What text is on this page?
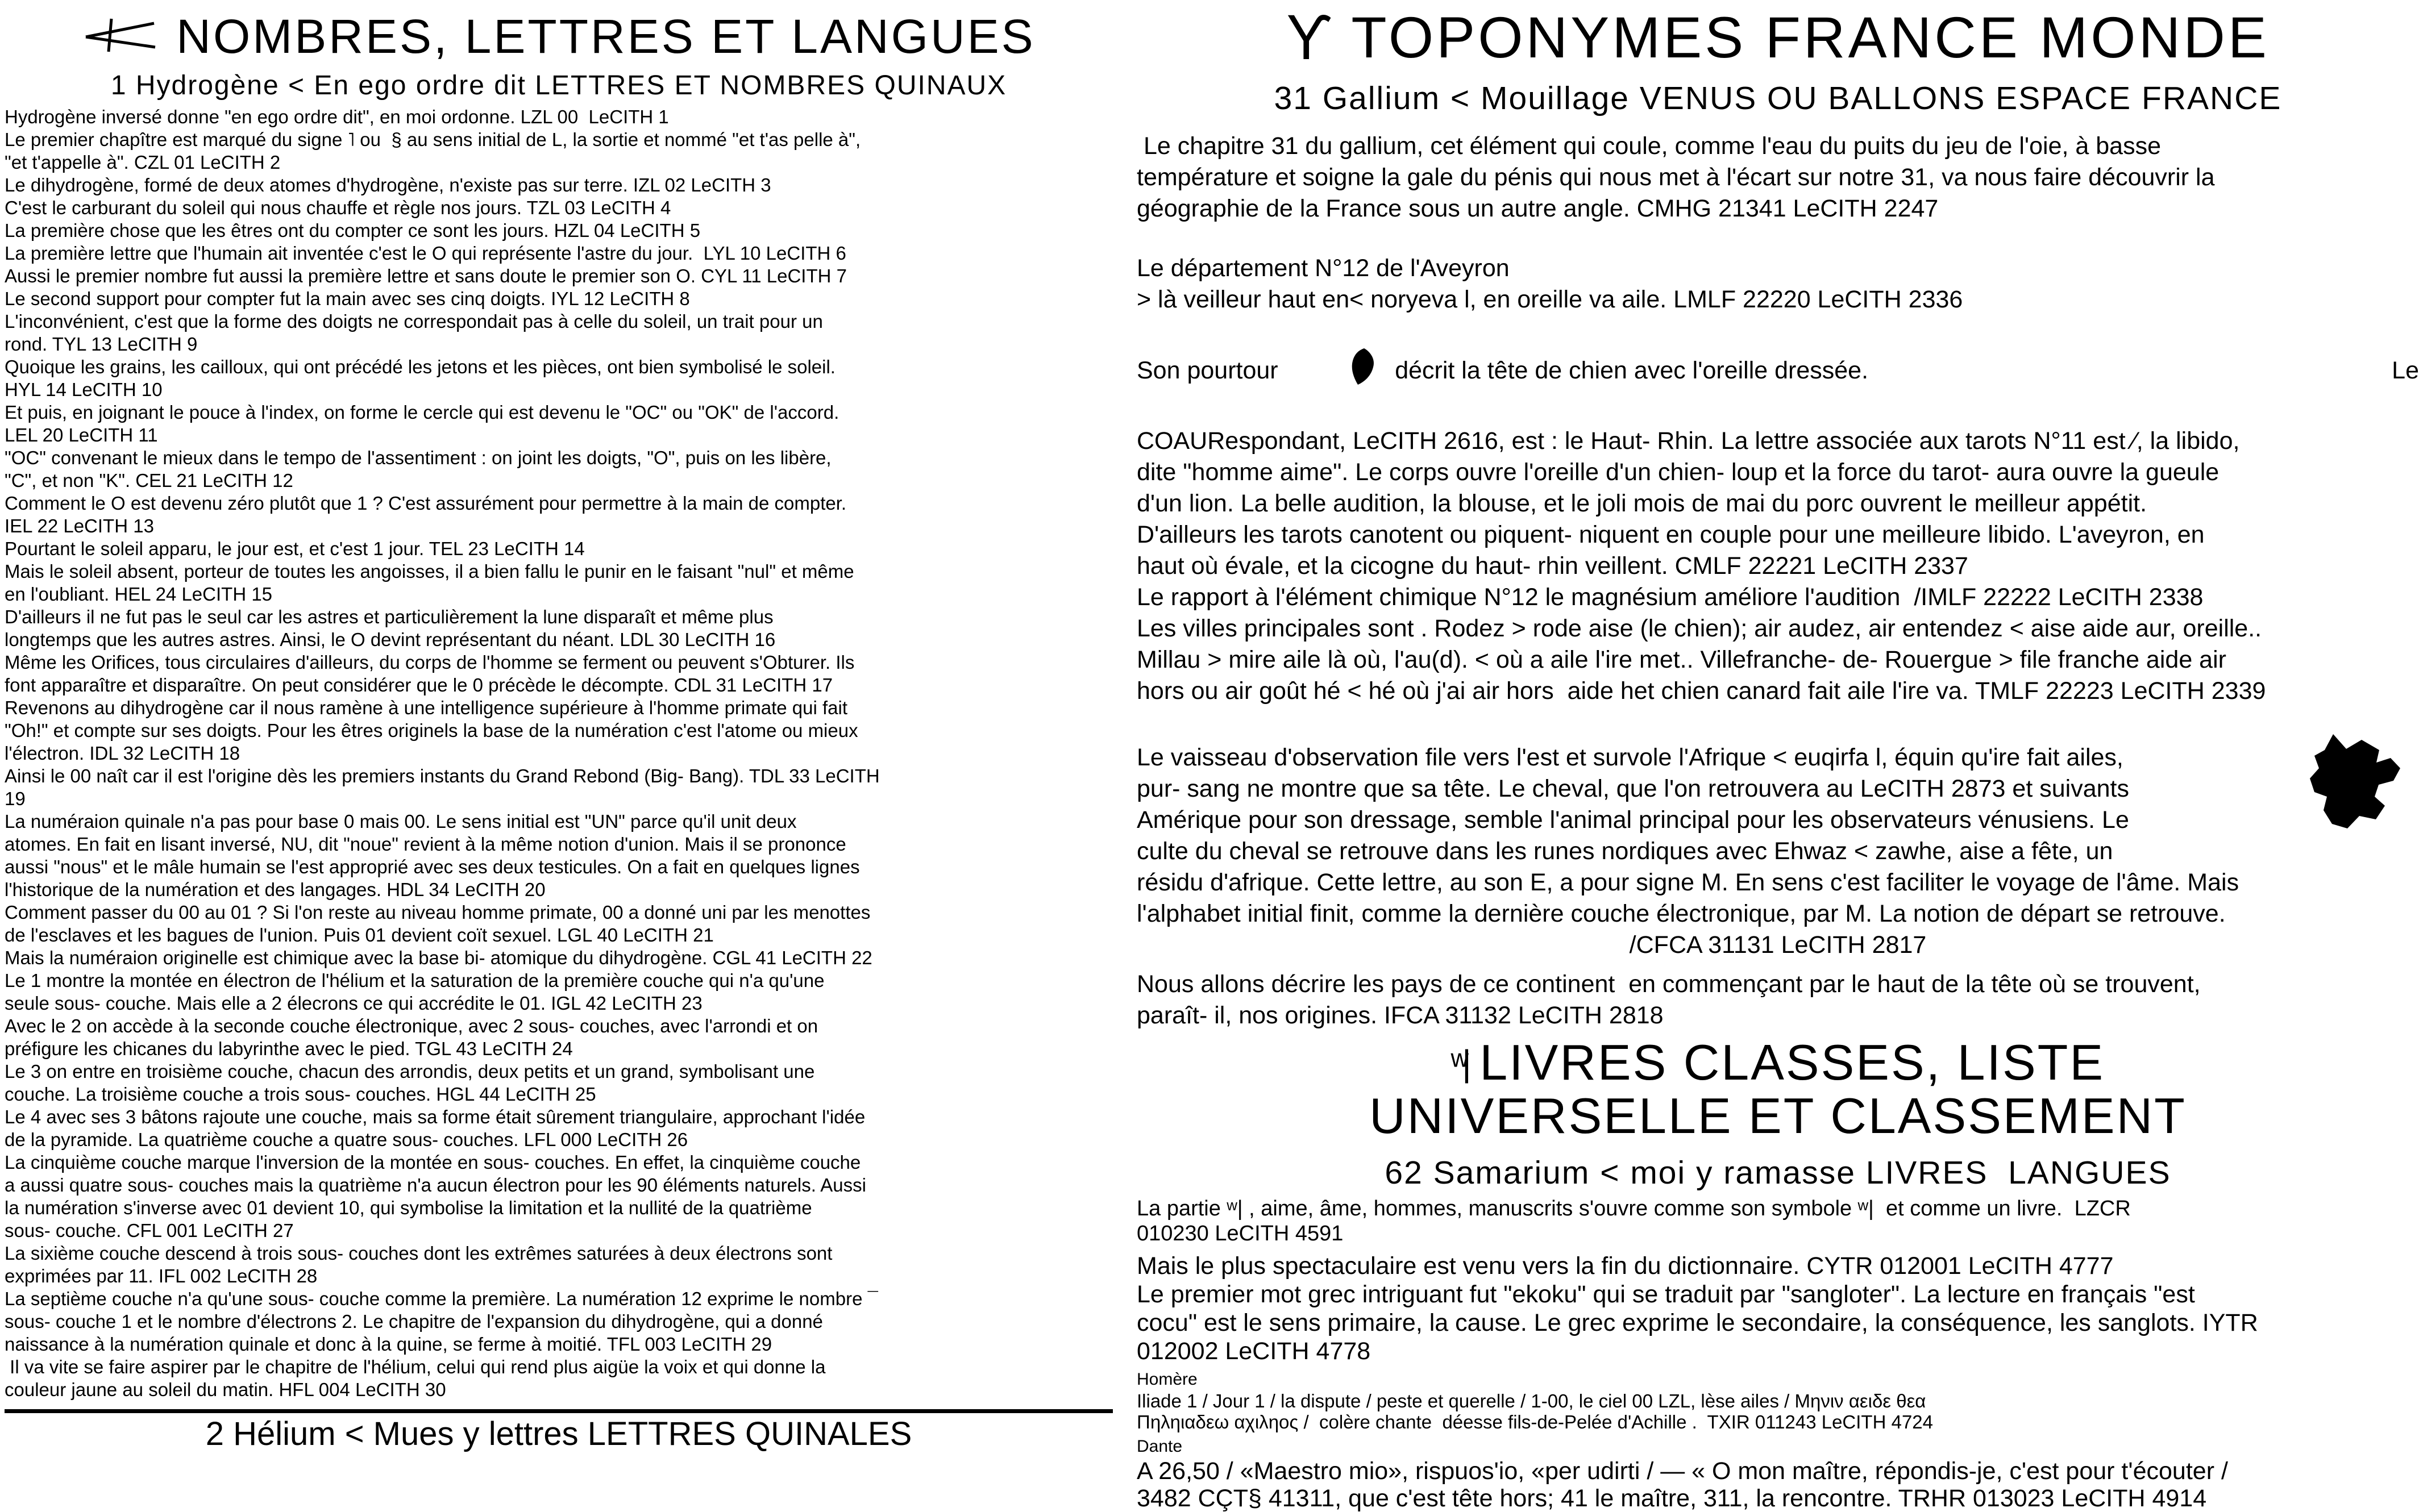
NOMBRES, LETTRES ET LANGUES
1 Hydrogène < En ego ordre dit LETTRES ET NOMBRES QUINAUX
Hydrogène inversé donne "en ego ordre dit", en moi ordonne. LZL 00  LeCITH 1
Le premier chapître est marqué du signe ˥ ou  § au sens initial de L, la sortie et nommé "et t'as pelle à",
"et t'appelle à". CZL 01 LeCITH 2
Le dihydrogène, formé de deux atomes d'hydrogène, n'existe pas sur terre. IZL 02 LeCITH 3
C'est le carburant du soleil qui nous chauffe et règle nos jours. TZL 03 LeCITH 4
La première chose que les êtres ont du compter ce sont les jours. HZL 04 LeCITH 5
La première lettre que l'humain ait inventée c'est le O qui représente l'astre du jour.  LYL 10 LeCITH 6
Aussi le premier nombre fut aussi la première lettre et sans doute le premier son O. CYL 11 LeCITH 7
Le second support pour compter fut la main avec ses cinq doigts. IYL 12 LeCITH 8
L'inconvénient, c'est que la forme des doigts ne correspondait pas à celle du soleil, un trait pour un
rond. TYL 13 LeCITH 9
Quoique les grains, les cailloux, qui ont précédé les jetons et les pièces, ont bien symbolisé le soleil.
HYL 14 LeCITH 10
Et puis, en joignant le pouce à l'index, on forme le cercle qui est devenu le "OC" ou "OK" de l'accord.
LEL 20 LeCITH 11
"OC" convenant le mieux dans le tempo de l'assentiment : on joint les doigts, "O", puis on les libère,
"C", et non "K". CEL 21 LeCITH 12
Comment le O est devenu zéro plutôt que 1 ? C'est assurément pour permettre à la main de compter.
IEL 22 LeCITH 13
Pourtant le soleil apparu, le jour est, et c'est 1 jour. TEL 23 LeCITH 14
Mais le soleil absent, porteur de toutes les angoisses, il a bien fallu le punir en le faisant "nul" et même
en l'oubliant. HEL 24 LeCITH 15
D'ailleurs il ne fut pas le seul car les astres et particulièrement la lune disparaît et même plus
longtemps que les autres astres. Ainsi, le O devint représentant du néant. LDL 30 LeCITH 16
Même les Orifices, tous circulaires d'ailleurs, du corps de l'homme se ferment ou peuvent s'Obturer. Ils
font apparaître et disparaître. On peut considérer que le 0 précède le décompte. CDL 31 LeCITH 17
Revenons au dihydrogène car il nous ramène à une intelligence supérieure à l'homme primate qui fait
"Oh!" et compte sur ses doigts. Pour les êtres originels la base de la numération c'est l'atome ou mieux
l'électron. IDL 32 LeCITH 18
Ainsi le 00 naît car il est l'origine dès les premiers instants du Grand Rebond (Big- Bang). TDL 33 LeCITH
19
La numéraion quinale n'a pas pour base 0 mais 00. Le sens initial est "UN" parce qu'il unit deux
atomes. En fait en lisant inversé, NU, dit "noue" revient à la même notion d'union. Mais il se prononce
aussi "nous" et le mâle humain se l'est approprié avec ses deux testicules. On a fait en quelques lignes
l'historique de la numération et des langages. HDL 34 LeCITH 20
Comment passer du 00 au 01 ? Si l'on reste au niveau homme primate, 00 a donné uni par les menottes
de l'esclaves et les bagues de l'union. Puis 01 devient coït sexuel. LGL 40 LeCITH 21
Mais la numéraion originelle est chimique avec la base bi- atomique du dihydrogène. CGL 41 LeCITH 22
Le 1 montre la montée en électron de l'hélium et la saturation de la première couche qui n'a qu'une
seule sous- couche. Mais elle a 2 élecrons ce qui accrédite le 01. IGL 42 LeCITH 23
Avec le 2 on accède à la seconde couche électronique, avec 2 sous- couches, avec l'arrondi et on
préfigure les chicanes du labyrinthe avec le pied. TGL 43 LeCITH 24
Le 3 on entre en troisième couche, chacun des arrondis, deux petits et un grand, symbolisant une
couche. La troisième couche a trois sous- couches. HGL 44 LeCITH 25
Le 4 avec ses 3 bâtons rajoute une couche, mais sa forme était sûrement triangulaire, approchant l'idée
de la pyramide. La quatrième couche a quatre sous- couches. LFL 000 LeCITH 26
La cinquième couche marque l'inversion de la montée en sous- couches. En effet, la cinquième couche
a aussi quatre sous- couches mais la quatrième n'a aucun électron pour les 90 éléments naturels. Aussi
la numération s'inverse avec 01 devient 10, qui symbolise la limitation et la nullité de la quatrième
sous- couche. CFL 001 LeCITH 27
La sixième couche descend à trois sous- couches dont les extrêmes saturées à deux électrons sont
exprimées par 11. IFL 002 LeCITH 28
La septième couche n'a qu'une sous- couche comme la première. La numération 12 exprime le nombre ¯
sous- couche 1 et le nombre d'électrons 2. Le chapitre de l'expansion du dihydrogène, qui a donné
naissance à la numération quinale et donc à la quine, se ferme à moitié. TFL 003 LeCITH 29
Il va vite se faire aspirer par le chapitre de l'hélium, celui qui rend plus aigüe la voix et qui donne la
couleur jaune au soleil du matin. HFL 004 LeCITH 30
2 Hélium < Mues y lettres LETTRES QUINALES
ϒ TOPONYMES FRANCE MONDE
31 Gallium < Mouillage VENUS OU BALLONS ESPACE FRANCE
Le chapitre 31 du gallium, cet élément qui coule, comme l'eau du puits du jeu de l'oie, à basse
température et soigne la gale du pénis qui nous met à l'écart sur notre 31, va nous faire découvrir la
géographie de la France sous un autre angle. CMHG 21341 LeCITH 2247
Le département N°12 de l'Aveyron
> là veilleur haut en< noryeva l, en oreille va aile. LMLF 22220 LeCITH 2336
Son pourtour

	décrit la tête de chien avec l'oreille dressée.	Le
COAURespondant, LeCITH 2616, est : le Haut- Rhin. La lettre associée aux tarots N°11 est ⁄, la libido,
dite "homme aime". Le corps ouvre l'oreille d'un chien- loup et la force du tarot- aura ouvre la gueule
d'un lion. La belle audition, la blouse, et le joli mois de mai du porc ouvrent le meilleur appétit.
D'ailleurs les tarots canotent ou piquent- niquent en couple pour une meilleure libido. L'aveyron, en
haut où évale, et la cicogne du haut- rhin veillent. CMLF 22221 LeCITH 2337
Le rapport à l'élément chimique N°12 le magnésium améliore l'audition  /IMLF 22222 LeCITH 2338
Les villes principales sont . Rodez > rode aise (le chien); air audez, air entendez < aise aide aur, oreille..
Millau > mire aile là où, l'au(d). < où a aile l'ire met.. Villefranche- de- Rouergue > file franche aide air
hors ou air goût hé < hé où j'ai air hors  aide het chien canard fait aile l'ire va. TMLF 22223 LeCITH 2339
Le vaisseau d'observation file vers l'est et survole l'Afrique < euqirfa l, équin qu'ire fait ailes,
pur- sang ne montre que sa tête. Le cheval, que l'on retrouvera au LeCITH 2873 et suivants
Amérique pour son dressage, semble l'animal principal pour les observateurs vénusiens. Le
culte du cheval se retrouve dans les runes nordiques avec Ehwaz < zawhe, aise a fête, un
résidu d'afrique. Cette lettre, au son E, a pour signe M. En sens c'est faciliter le voyage de l'âme. Mais
l'alphabet initial finit, comme la dernière couche électronique, par M. La notion de départ se retrouve.
/CFCA 31131 LeCITH 2817
Nous allons décrire les pays de ce continent  en commençant par le haut de la tête où se trouvent,
paraît- il, nos origines. IFCA 31132 LeCITH 2818
ʷ| LIVRES CLASSES, LISTE
UNIVERSELLE ET CLASSEMENT
62 Samarium < moi y ramasse LIVRES  LANGUES
La partie ʷ| , aime, âme, hommes, manuscrits s'ouvre comme son symbole ʷ|  et comme un livre.  LZCR
010230 LeCITH 4591
Mais le plus spectaculaire est venu vers la fin du dictionnaire. CYTR 012001 LeCITH 4777
Le premier mot grec intriguant fut "ekoku" qui se traduit par "sangloter". La lecture en français "est
cocu" est le sens primaire, la cause. Le grec exprime le secondaire, la conséquence, les sanglots. IYTR
012002 LeCITH 4778
Homère
Iliade 1 / Jour 1 / la dispute / peste et querelle / 1-00, le ciel 00 LZL, lèse ailes / Μηνιν αειδε θεα
Πηληιαδεω αχιληος /  colère chante  déesse fils-de-Pelée d'Achille .  TXIR 011243 LeCITH 4724
Dante
A 26,50 / «Maestro mio», rispuos'io, «per udirti / — « O mon maître, répondis-je, c'est pour t'écouter /
3482 CÇT§ 41311, que c'est tête hors; 41 le maître, 311, la rencontre. TRHR 013023 LeCITH 4914
